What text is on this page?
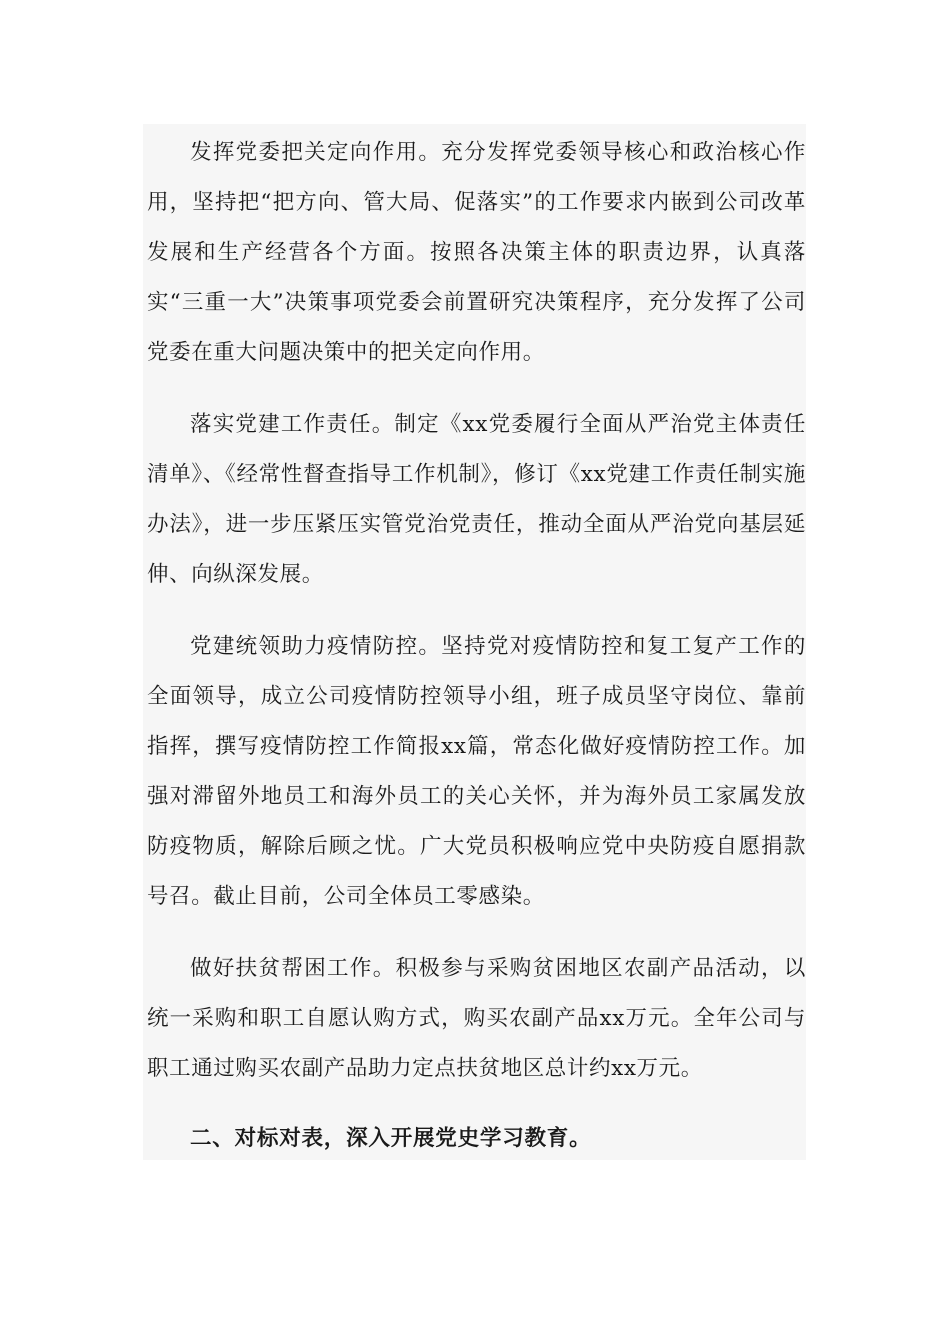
发挥党委把关定向作用。充分发挥党委领导核心和政治核心作用，坚持把“把方向、管大局、促落实”的工作要求内嵌到公司改革发展和生产经营各个方面。按照各决策主体的职责边界，认真落实“三重一大”决策事项党委会前置研究决策程序，充分发挥了公司党委在重大问题决策中的把关定向作用。

落实党建工作责任。制定《xx党委履行全面从严治党主体责任清单》、《经常性督查指导工作机制》，修订《xx党建工作责任制实施办法》，进一步压紧压实管党治党责任，推动全面从严治党向基层延伸、向纵深发展。

党建统领助力疫情防控。坚持党对疫情防控和复工复产工作的全面领导，成立公司疫情防控领导小组，班子成员坚守岗位、靠前指挥，撰写疫情防控工作简报xx篇，常态化做好疫情防控工作。加强对滞留外地员工和海外员工的关心关怀，并为海外员工家属发放防疫物质，解除后顾之忧。广大党员积极响应党中央防疫自愿捐款号召。截止目前，公司全体员工零感染。

做好扶贫帮困工作。积极参与采购贫困地区农副产品活动，以统一采购和职工自愿认购方式，购买农副产品xx万元。全年公司与职工通过购买农副产品助力定点扶贫地区总计约xx万元。

二、对标对表，深入开展党史学习教育。
